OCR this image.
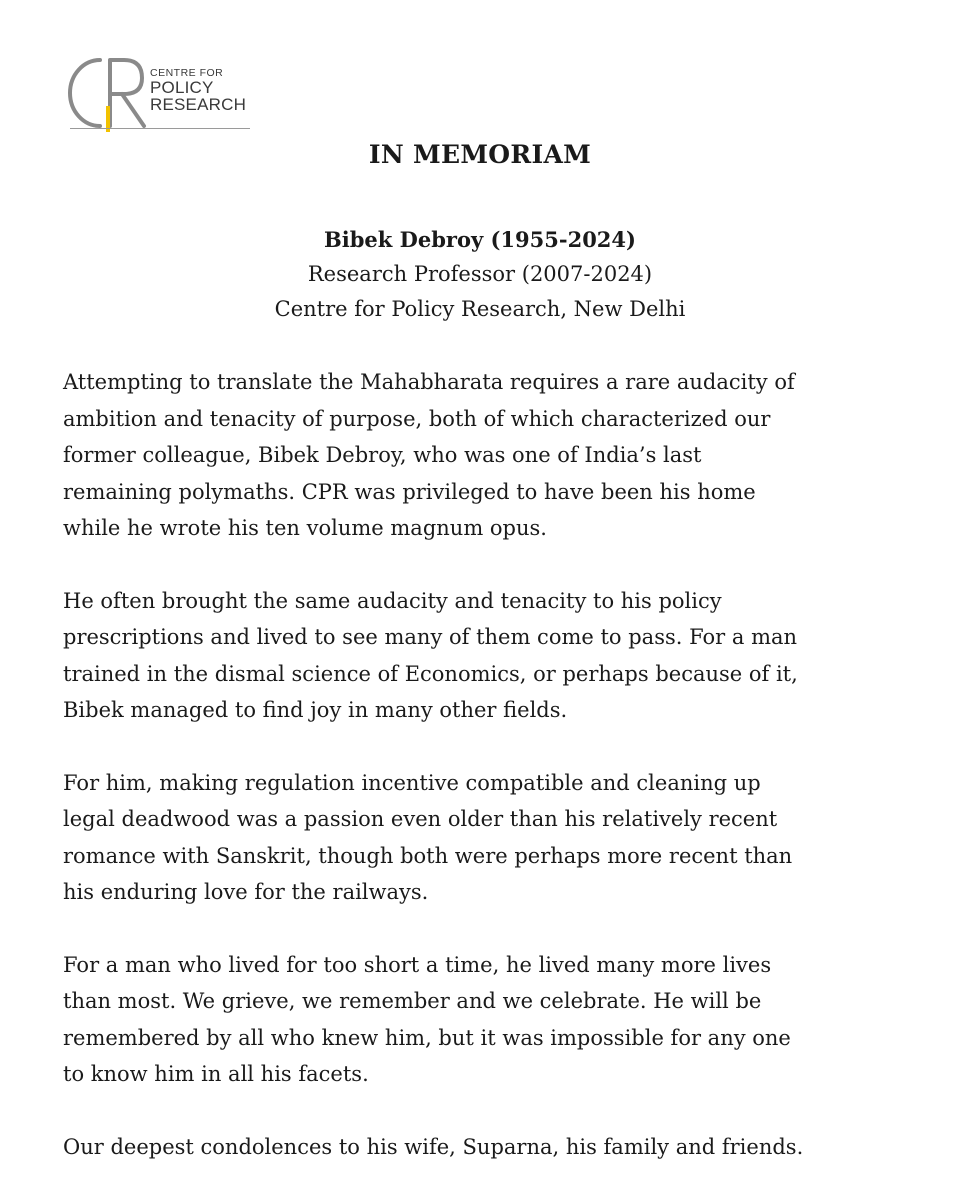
CENTRE FOR
POLICY
RESEARCH
IN MEMORIAM
Bibek Debroy (1955-2024)
Research Professor (2007-2024)
Centre for Policy Research, New Delhi

Attempting to translate the Mahabharata requires a rare audacity of
ambition and tenacity of purpose, both of which characterized our
former colleague, Bibek Debroy, who was one of India’s last
remaining polymaths. CPR was privileged to have been his home
while he wrote his ten volume magnum opus.

He often brought the same audacity and tenacity to his policy
prescriptions and lived to see many of them come to pass. For a man
trained in the dismal science of Economics, or perhaps because of it,
Bibek managed to find joy in many other fields.

For him, making regulation incentive compatible and cleaning up
legal deadwood was a passion even older than his relatively recent
romance with Sanskrit, though both were perhaps more recent than
his enduring love for the railways.

For a man who lived for too short a time, he lived many more lives
than most. We grieve, we remember and we celebrate. He will be
remembered by all who knew him, but it was impossible for any one
to know him in all his facets.

Our deepest condolences to his wife, Suparna, his family and friends.
